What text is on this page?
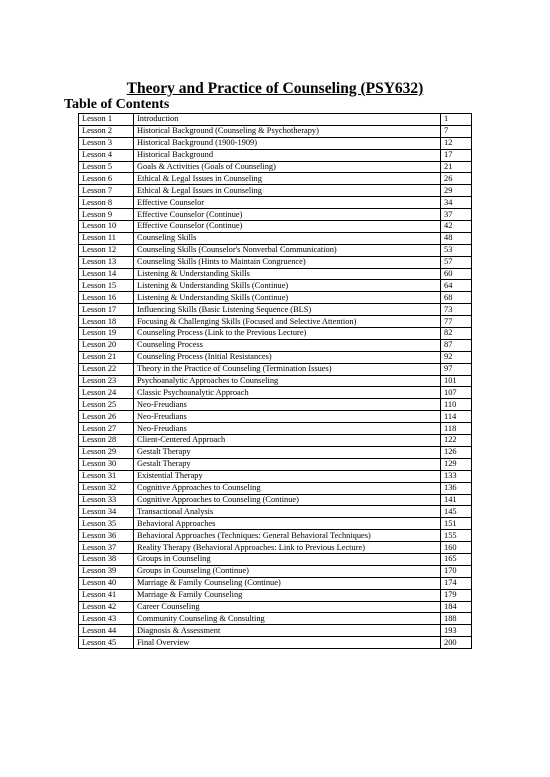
Theory and Practice of Counseling (PSY632)
Table of Contents
Lesson 1	Introduction	1
Lesson 2	Historical Background (Counseling & Psychotherapy)	7
Lesson 3	Historical Background (1900-1909)	12
Lesson 4	Historical Background	17
Lesson 5	Goals & Activities (Goals of Counseling)	21
Lesson 6	Ethical & Legal Issues in Counseling	26
Lesson 7	Ethical & Legal Issues in Counseling	29
Lesson 8	Effective Counselor	34
Lesson 9	Effective Counselor (Continue)	37
Lesson 10	Effective Counselor (Continue)	42
Lesson 11	Counseling Skills	48
Lesson 12	Counseling Skills (Counselor's Nonverbal Communication)	53
Lesson 13	Counseling Skills (Hints to Maintain Congruence)	57
Lesson 14	Listening & Understanding Skills	60
Lesson 15	Listening & Understanding Skills (Continue)	64
Lesson 16	Listening & Understanding Skills (Continue)	68
Lesson 17	Influencing Skills (Basic Listening Sequence (BLS)	73
Lesson 18	Focusing & Challenging Skills (Focused and Selective Attention)	77
Lesson 19	Counseling Process (Link to the Previous Lecture)	82
Lesson 20	Counseling Process	87
Lesson 21	Counseling Process (Initial Resistances)	92
Lesson 22	Theory in the Practice of Counseling (Termination Issues)	97
Lesson 23	Psychoanalytic Approaches to Counseling	101
Lesson 24	Classic Psychoanalytic Approach	107
Lesson 25	Neo-Freudians	110
Lesson 26	Neo-Freudians	114
Lesson 27	Neo-Freudians	118
Lesson 28	Client-Centered Approach	122
Lesson 29	Gestalt Therapy	126
Lesson 30	Gestalt Therapy	129
Lesson 31	Existential Therapy	133
Lesson 32	Cognitive Approaches to Counseling	136
Lesson 33	Cognitive Approaches to Counseling (Continue)	141
Lesson 34	Transactional Analysis	145
Lesson 35	Behavioral Approaches	151
Lesson 36	Behavioral Approaches (Techniques: General Behavioral Techniques)	155
Lesson 37	Reality Therapy (Behavioral Approaches: Link to Previous Lecture)	160
Lesson 38	Groups in Counseling	165
Lesson 39	Groups in Counseling (Continue)	170
Lesson 40	Marriage & Family Counseling (Continue)	174
Lesson 41	Marriage & Family Counseling	179
Lesson 42	Career Counseling	184
Lesson 43	Community Counseling & Consulting	188
Lesson 44	Diagnosis & Assessment	193
Lesson 45	Final Overview	200
